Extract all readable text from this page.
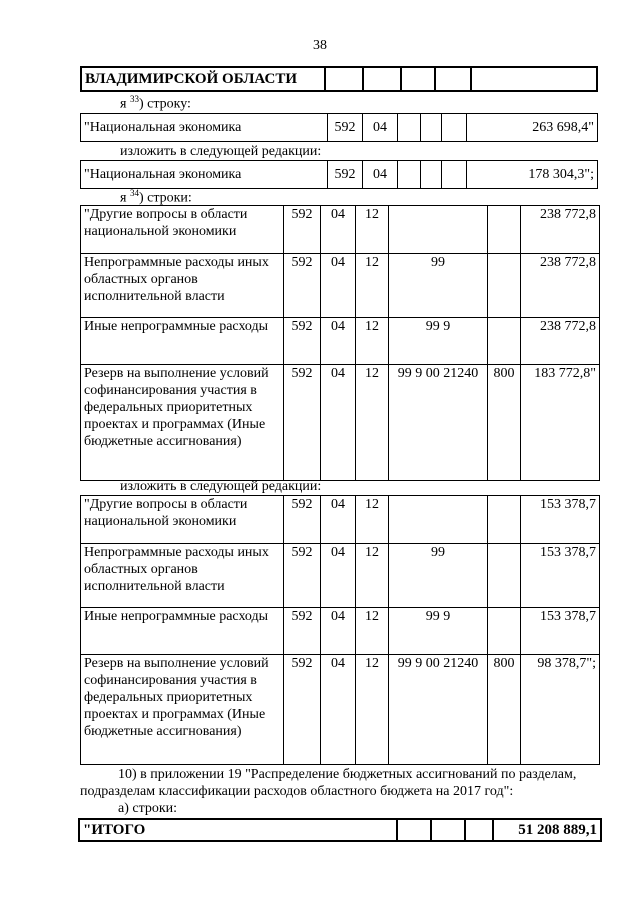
38
ВЛАДИМИРСКОЙ ОБЛАСТИ					
я $^{33}$) строку:
"Национальная экономика	592	04				263 698,4"
изложить в следующей редакции:
"Национальная экономика	592	04				178 304,3";
я $^{34}$) строки:
"Другие вопросы в области национальной экономики	592	04	12			238 772,8
Непрограммные расходы иных областных органов исполнительной власти	592	04	12	99		238 772,8
Иные непрограммные расходы	592	04	12	99 9		238 772,8
Резерв на выполнение условий софинансирования участия в федеральных приоритетных проектах и программах (Иные бюджетные ассигнования)	592	04	12	99 9 00 21240	800	183 772,8"
изложить в следующей редакции:
"Другие вопросы в области национальной экономики	592	04	12			153 378,7
Непрограммные расходы иных областных органов исполнительной власти	592	04	12	99		153 378,7
Иные непрограммные расходы	592	04	12	99 9		153 378,7
Резерв на выполнение условий софинансирования участия в федеральных приоритетных проектах и программах (Иные бюджетные ассигнования)	592	04	12	99 9 00 21240	800	98 378,7";
10) в приложении 19 "Распределение бюджетных ассигнований по разделам,
подразделам классификации расходов областного бюджета на 2017 год":
а) строки:
"ИТОГО				51 208 889,1
